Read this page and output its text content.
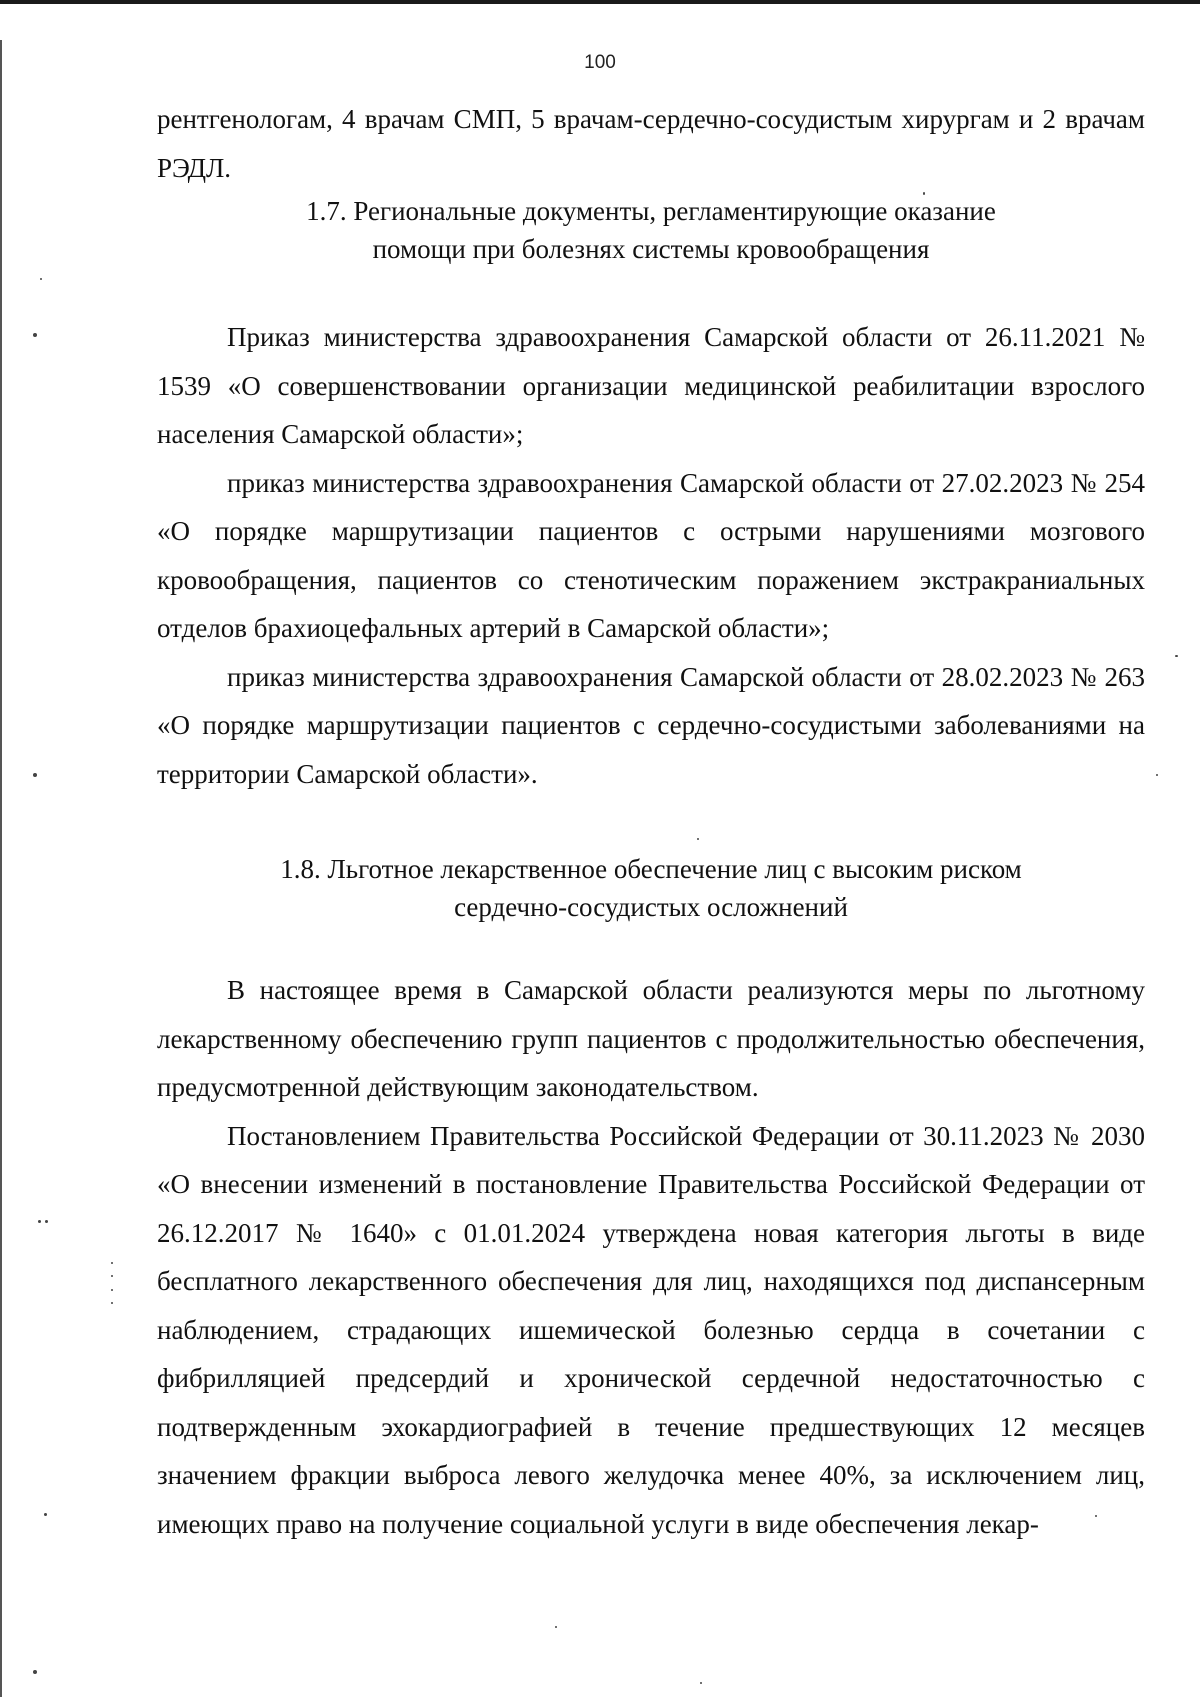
100

рентгенологам, 4 врачам СМП, 5 врачам-сердечно-сосудистым хирургам и 2 врачам РЭДЛ.

1.7. Региональные документы, регламентирующие оказание
помощи при болезнях системы кровообращения

Приказ министерства здравоохранения Самарской области от 26.11.2021 № 1539 «О совершенствовании организации медицинской реабилитации взрослого населения Самарской области»;

приказ министерства здравоохранения Самарской области от 27.02.2023 № 254 «О порядке маршрутизации пациентов с острыми нарушениями мозгового кровообращения, пациентов со стенотическим поражением экстракраниальных отделов брахиоцефальных артерий в Самарской области»;

приказ министерства здравоохранения Самарской области от 28.02.2023 № 263 «О порядке маршрутизации пациентов с сердечно-сосудистыми заболеваниями на территории Самарской области».

1.8. Льготное лекарственное обеспечение лиц с высоким риском
сердечно-сосудистых осложнений

В настоящее время в Самарской области реализуются меры по льготному лекарственному обеспечению групп пациентов с продолжительностью обеспечения, предусмотренной действующим законодательством.

Постановлением Правительства Российской Федерации от 30.11.2023 № 2030 «О внесении изменений в постановление Правительства Российской Федерации от 26.12.2017 № 1640» с 01.01.2024 утверждена новая категория льготы в виде бесплатного лекарственного обеспечения для лиц, находящихся под диспансерным наблюдением, страдающих ишемической болезнью сердца в сочетании с фибрилляцией предсердий и хронической сердечной недостаточностью с подтвержденным эхокардиографией в течение предшествующих 12 месяцев значением фракции выброса левого желудочка менее 40%, за исключением лиц, имеющих право на получение социальной услуги в виде обеспечения лекар-
